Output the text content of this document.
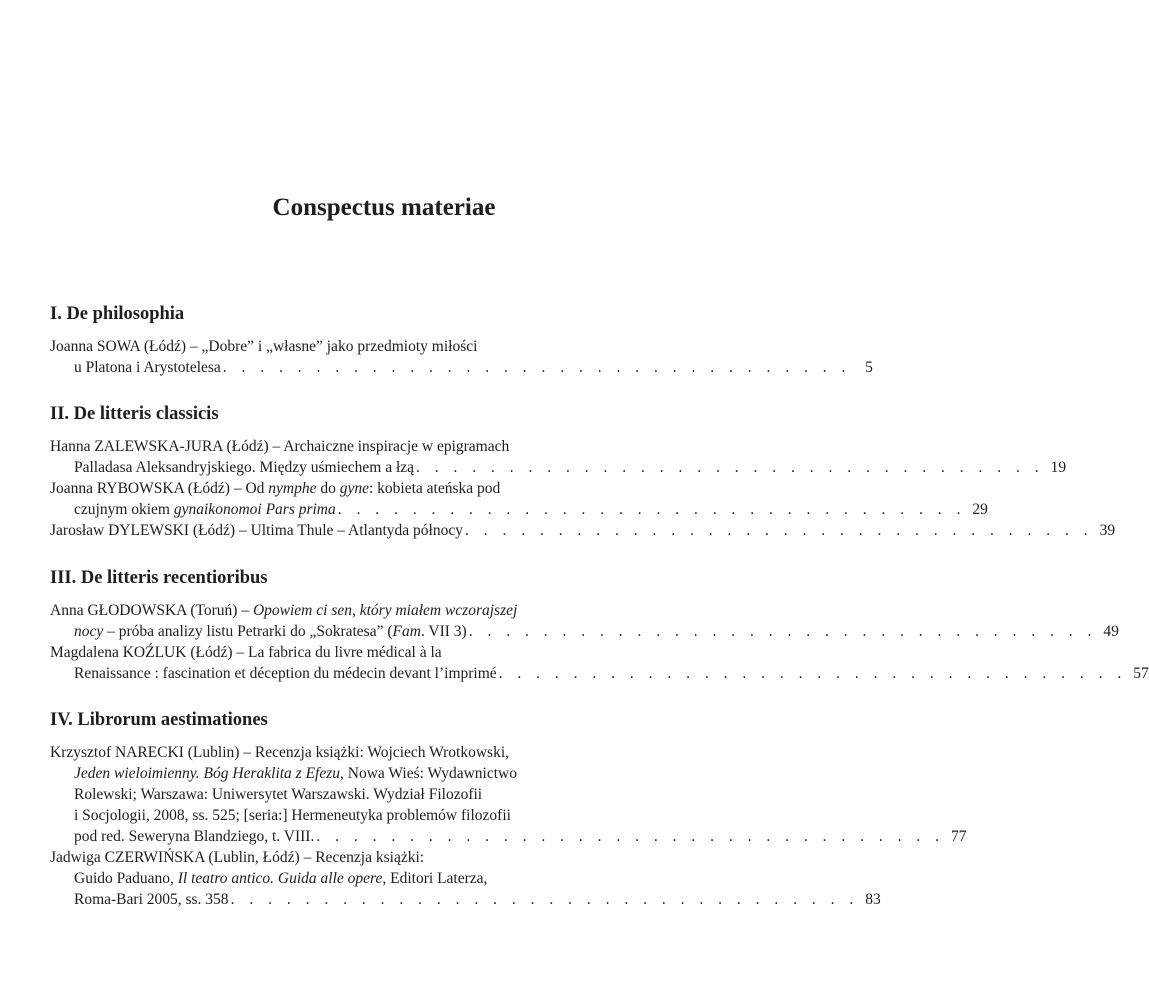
Conspectus materiae
I. De philosophia
Joanna SOWA (Łódź) – „Dobre” i „własne” jako przedmioty miłości
u Platona i Arystotelesa . . . . . . . . . . . . . . . . . . . . . . . . . . . . . . . . . . 5
II. De litteris classicis
Hanna ZALEWSKA-JURA (Łódź) – Archaiczne inspiracje w epigramach
Palladasa Aleksandryjskiego. Między uśmiechem a łzą . . . . . . . . . . . . . . . . . . . . . . . . . . . . . . . . . . 19
Joanna RYBOWSKA (Łódź) – Od nymphe do gyne: kobieta ateńska pod
czujnym okiem gynaikonomoi Pars prima . . . . . . . . . . . . . . . . . . . . . . . . . . . . . . . . . . 29
Jarosław DYLEWSKI (Łódź) – Ultima Thule – Atlantyda północy . . . . . . . . . . . . . . . . . . . . . . . . . . . . . . . . . . 39
III. De litteris recentioribus
Anna GŁODOWSKA (Toruń) – Opowiem ci sen, który miałem wczorajszej
nocy – próba analizy listu Petrarki do „Sokratesa” (Fam. VII 3) . . . . . . . . . . . . . . . . . . . . . . . . . . . . . . . . . . 49
Magdalena KOŹLUK (Łódź) – La fabrica du livre médical à la
Renaissance : fascination et déception du médecin devant l’imprimé . . . . . . . . . . . . . . . . . . . . . . . . . . . . . . . . . . 57
IV. Librorum aestimationes
Krzysztof NARECKI (Lublin) – Recenzja książki: Wojciech Wrotkowski,
Jeden wieloimienny. Bóg Heraklita z Efezu, Nowa Wieś: Wydawnictwo
Rolewski; Warszawa: Uniwersytet Warszawski. Wydział Filozofii
i Socjologii, 2008, ss. 525; [seria:] Hermeneutyka problemów filozofii
pod red. Seweryna Blandziego, t. VIII. . . . . . . . . . . . . . . . . . . . . . . . . . . . . . . . . . . 77
Jadwiga CZERWIŃSKA (Lublin, Łódź) – Recenzja książki:
Guido Paduano, Il teatro antico. Guida alle opere, Editori Laterza,
Roma-Bari 2005, ss. 358 . . . . . . . . . . . . . . . . . . . . . . . . . . . . . . . . . . 83
